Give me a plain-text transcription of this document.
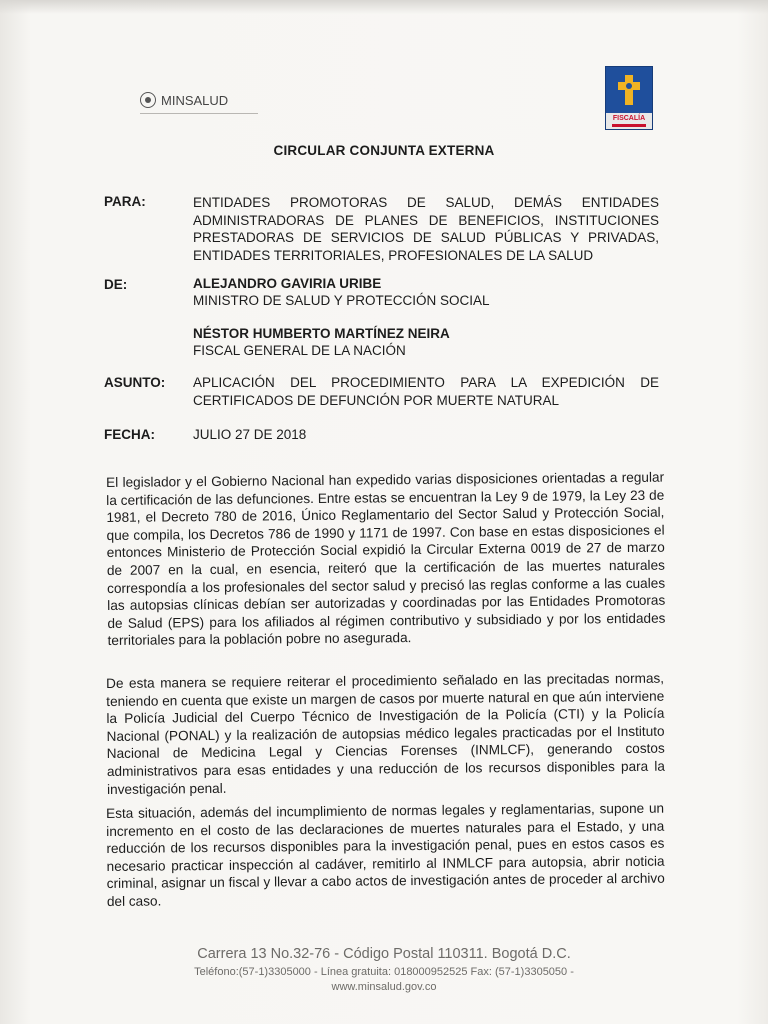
MINSALUD
FISCALÍA
CIRCULAR CONJUNTA EXTERNA
PARA:	ENTIDADES PROMOTORAS DE SALUD, DEMÁS ENTIDADES ADMINISTRADORAS DE PLANES DE BENEFICIOS, INSTITUCIONES PRESTADORAS DE SERVICIOS DE SALUD PÚBLICAS Y PRIVADAS, ENTIDADES TERRITORIALES, PROFESIONALES DE LA SALUD
DE:	ALEJANDRO GAVIRIA URIBE
MINISTRO DE SALUD Y PROTECCIÓN SOCIAL
NÉSTOR HUMBERTO MARTÍNEZ NEIRA
FISCAL GENERAL DE LA NACIÓN
ASUNTO: APLICACIÓN DEL PROCEDIMIENTO PARA LA EXPEDICIÓN DE CERTIFICADOS DE DEFUNCIÓN POR MUERTE NATURAL
FECHA:	JULIO 27 DE 2018
El legislador y el Gobierno Nacional han expedido varias disposiciones orientadas a regular la certificación de las defunciones. Entre estas se encuentran la Ley 9 de 1979, la Ley 23 de 1981, el Decreto 780 de 2016, Único Reglamentario del Sector Salud y Protección Social, que compila, los Decretos 786 de 1990 y 1171 de 1997. Con base en estas disposiciones el entonces Ministerio de Protección Social expidió la Circular Externa 0019 de 27 de marzo de 2007 en la cual, en esencia, reiteró que la certificación de las muertes naturales correspondía a los profesionales del sector salud y precisó las reglas conforme a las cuales las autopsias clínicas debían ser autorizadas y coordinadas por las Entidades Promotoras de Salud (EPS) para los afiliados al régimen contributivo y subsidiado y por los entidades territoriales para la población pobre no asegurada.
De esta manera se requiere reiterar el procedimiento señalado en las precitadas normas, teniendo en cuenta que existe un margen de casos por muerte natural en que aún interviene la Policía Judicial del Cuerpo Técnico de Investigación de la Policía (CTI) y la Policía Nacional (PONAL) y la realización de autopsias médico legales practicadas por el Instituto Nacional de Medicina Legal y Ciencias Forenses (INMLCF), generando costos administrativos para esas entidades y una reducción de los recursos disponibles para la investigación penal.
Esta situación, además del incumplimiento de normas legales y reglamentarias, supone un incremento en el costo de las declaraciones de muertes naturales para el Estado, y una reducción de los recursos disponibles para la investigación penal, pues en estos casos es necesario practicar inspección al cadáver, remitirlo al INMLCF para autopsia, abrir noticia criminal, asignar un fiscal y llevar a cabo actos de investigación antes de proceder al archivo del caso.
Carrera 13 No.32-76 - Código Postal 110311. Bogotá D.C.
Teléfono:(57-1)3305000 - Línea gratuita: 018000952525 Fax: (57-1)3305050 -
www.minsalud.gov.co
